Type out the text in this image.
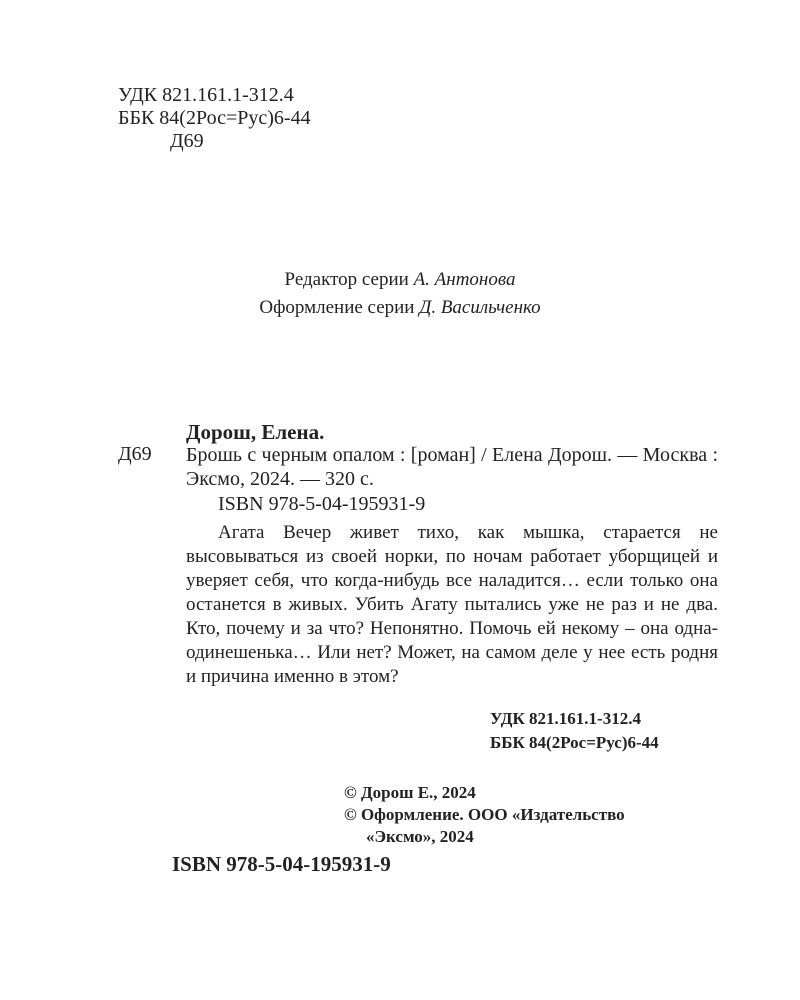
УДК 821.161.1-312.4
ББК 84(2Рос=Рус)6-44
Д69
Редактор серии А. Антонова
Оформление серии Д. Васильченко
Дорош, Елена.
Д69 Брошь с черным опалом : [роман] / Елена Дорош. — Москва : Эксмо, 2024. — 320 с.
ISBN 978-5-04-195931-9
Агата Вечер живет тихо, как мышка, старается не высовываться из своей норки, по ночам работает уборщицей и уверяет себя, что когда-нибудь все наладится… если только она останется в живых. Убить Агату пытались уже не раз и не два. Кто, почему и за что? Непонятно. Помочь ей некому – она одна-одинешенька… Или нет? Может, на самом деле у нее есть родня и причина именно в этом?
УДК 821.161.1-312.4
ББК 84(2Рос=Рус)6-44
© Дорош Е., 2024
© Оформление. ООО «Издательство
«Эксмо», 2024
ISBN 978-5-04-195931-9
